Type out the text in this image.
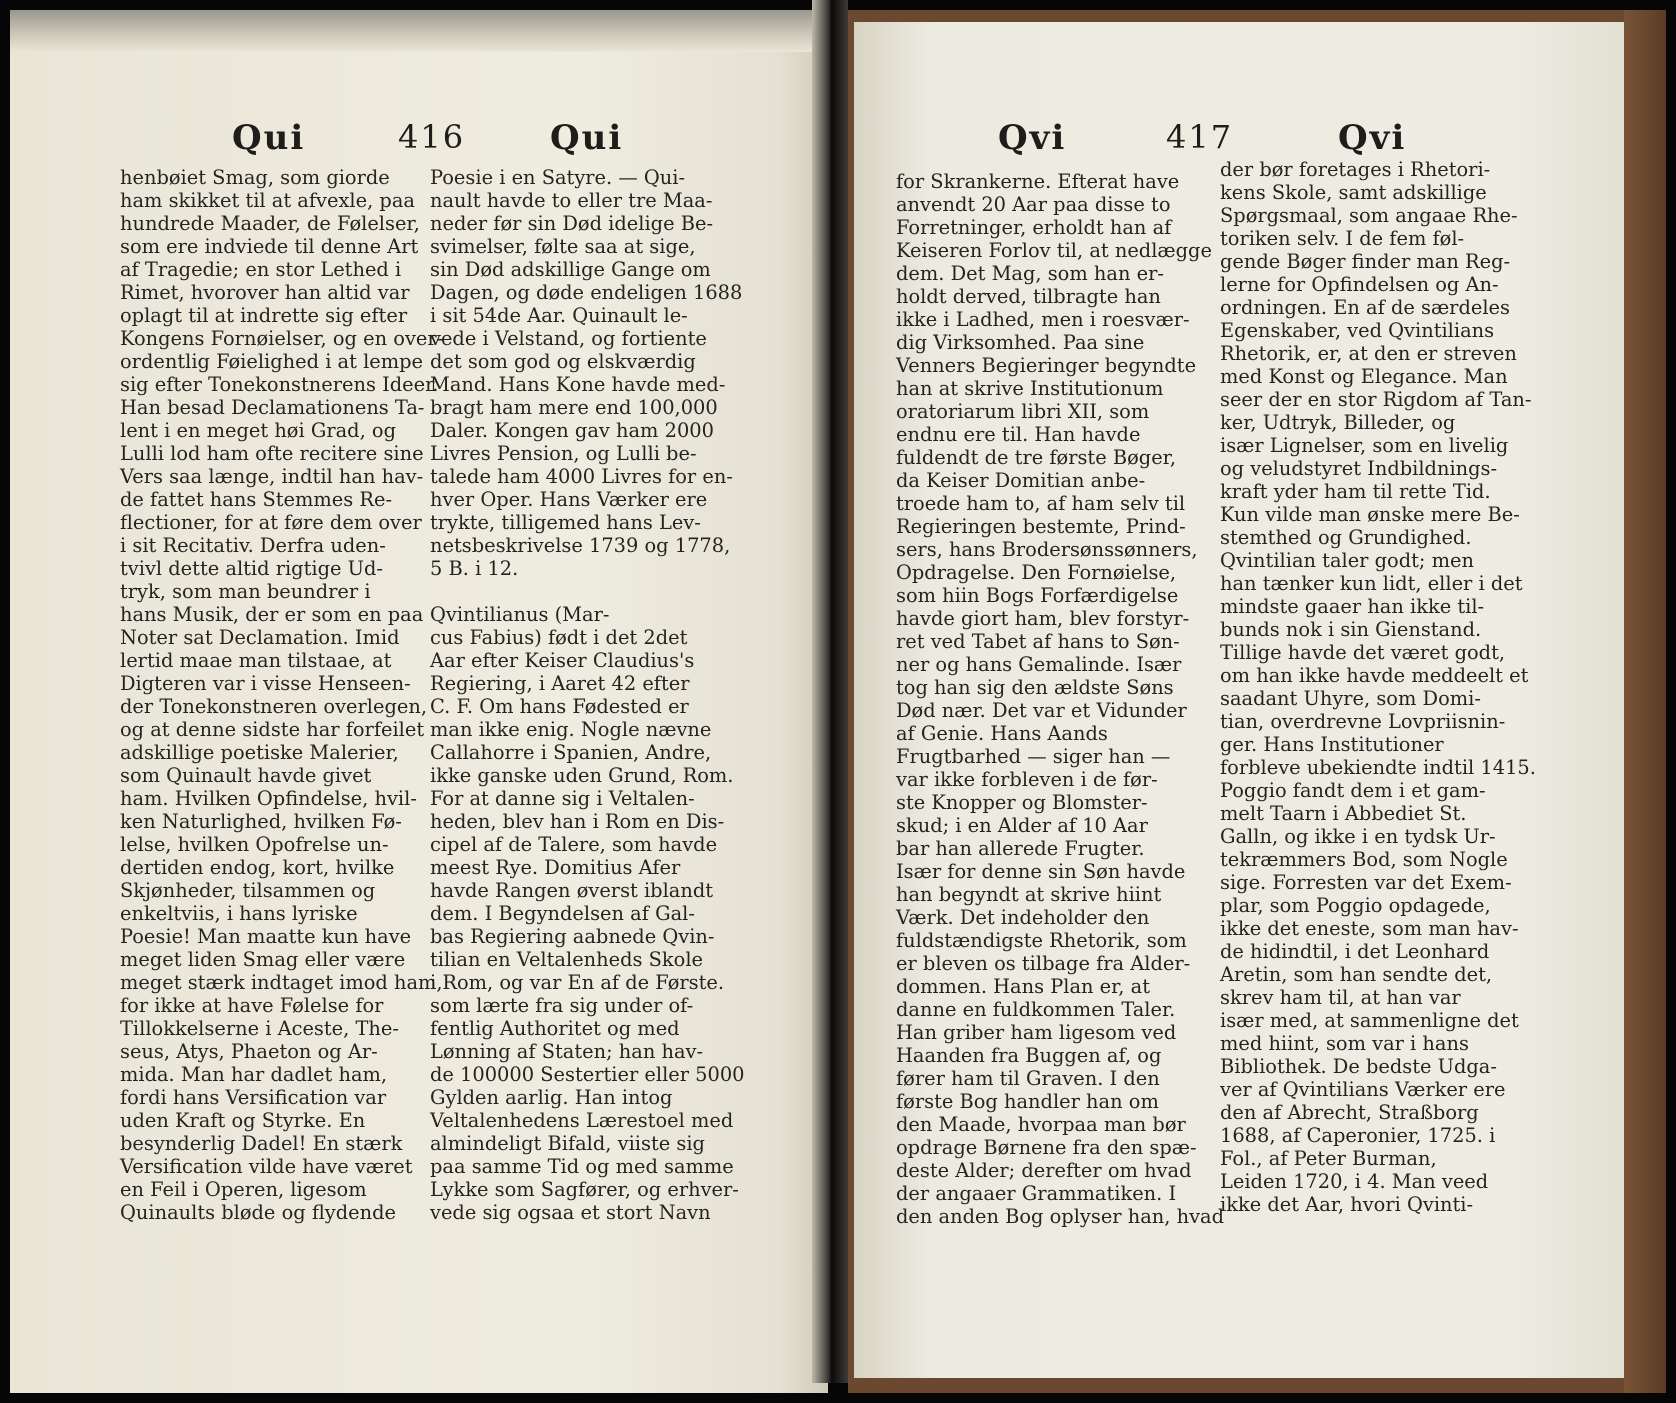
Qui	416 Qui
henbøiet Smag, som giorde
ham skikket til at afvexle, paa
hundrede Maader, de Følelser,
som ere indviede til denne Art
af Tragedie; en stor Lethed i
Rimet, hvorover han altid var
oplagt til at indrette sig efter
Kongens Fornøielser, og en over-
ordentlig Føielighed i at lempe
sig efter Tonekonstnerens Ideer.
Han besad Declamationens Ta-
lent i en meget høi Grad, og
Lulli lod ham ofte recitere sine
Vers saa længe, indtil han hav-
de fattet hans Stemmes Re-
flectioner, for at føre dem over
i sit Recitativ. Derfra uden-
tvivl dette altid rigtige Ud-
tryk, som man beundrer i
hans Musik, der er som en paa
Noter sat Declamation. Imid
lertid maae man tilstaae, at
Digteren var i visse Henseen-
der Tonekonstneren overlegen,
og at denne sidste har forfeilet
adskillige poetiske Malerier,
som Quinault havde givet
ham. Hvilken Opfindelse, hvil-
ken Naturlighed, hvilken Fø-
lelse, hvilken Opofrelse un-
dertiden endog, kort, hvilke
Skjønheder, tilsammen og
enkeltviis, i hans lyriske
Poesie! Man maatte kun have
meget liden Smag eller være
meget stærk indtaget imod ham,
for ikke at have Følelse for
Tillokkelserne i Aceste, The-
seus, Atys, Phaeton og Ar-
mida. Man har dadlet ham,
fordi hans Versification var
uden Kraft og Styrke. En
besynderlig Dadel! En stærk
Versification vilde have været
en Feil i Operen, ligesom
Quinaults bløde og flydende
Poesie i en Satyre. — Qui-
nault havde to eller tre Maa-
neder før sin Død idelige Be-
svimelser, følte saa at sige,
sin Død adskillige Gange om
Dagen, og døde endeligen 1688
i sit 54de Aar. Quinault le-
vede i Velstand, og fortiente
det som god og elskværdig
Mand. Hans Kone havde med-
bragt ham mere end 100,000
Daler. Kongen gav ham 2000
Livres Pension, og Lulli be-
talede ham 4000 Livres for en-
hver Oper. Hans Værker ere
trykte, tilligemed hans Lev-
netsbeskrivelse 1739 og 1778,
5 B. i 12.
Qvintilianus (Mar-
cus Fabius) født i det 2det
Aar efter Keiser Claudius's
Regiering, i Aaret 42 efter
C. F. Om hans Fødested er
man ikke enig. Nogle nævne
Callahorre i Spanien, Andre,
ikke ganske uden Grund, Rom.
For at danne sig i Veltalen-
heden, blev han i Rom en Dis-
cipel af de Talere, som havde
meest Rye. Domitius Afer
havde Rangen øverst iblandt
dem. I Begyndelsen af Gal-
bas Regiering aabnede Qvin-
tilian en Veltalenheds Skole
i Rom, og var En af de Første.
som lærte fra sig under of-
fentlig Authoritet og med
Lønning af Staten; han hav-
de 100000 Sestertier eller 5000
Gylden aarlig. Han intog
Veltalenhedens Lærestoel med
almindeligt Bifald, viiste sig
paa samme Tid og med samme
Lykke som Sagfører, og erhver-
vede sig ogsaa et stort Navn
Qvi	417	Qvi
for Skrankerne. Efterat have
anvendt 20 Aar paa disse to
Forretninger, erholdt han af
Keiseren Forlov til, at nedlægge
dem. Det Mag, som han er-
holdt derved, tilbragte han
ikke i Ladhed, men i roesvær-
dig Virksomhed. Paa sine
Venners Begieringer begyndte
han at skrive Institutionum
oratoriarum libri XII, som
endnu ere til. Han havde
fuldendt de tre første Bøger,
da Keiser Domitian anbe-
troede ham to, af ham selv til
Regieringen bestemte, Prind-
sers, hans Brodersønssønners,
Opdragelse. Den Fornøielse,
som hiin Bogs Forfærdigelse
havde giort ham, blev forstyr-
ret ved Tabet af hans to Søn-
ner og hans Gemalinde. Især
tog han sig den ældste Søns
Død nær. Det var et Vidunder
af Genie. Hans Aands
Frugtbarhed — siger han —
var ikke forbleven i de før-
ste Knopper og Blomster-
skud; i en Alder af 10 Aar
bar han allerede Frugter.
Især for denne sin Søn havde
han begyndt at skrive hiint
Værk. Det indeholder den
fuldstændigste Rhetorik, som
er bleven os tilbage fra Alder-
dommen. Hans Plan er, at
danne en fuldkommen Taler.
Han griber ham ligesom ved
Haanden fra Buggen af, og
fører ham til Graven. I den
første Bog handler han om
den Maade, hvorpaa man bør
opdrage Børnene fra den spæ-
deste Alder; derefter om hvad
der angaaer Grammatiken. I
den anden Bog oplyser han, hvad
der bør foretages i Rhetori-
kens Skole, samt adskillige
Spørgsmaal, som angaae Rhe-
toriken selv. I de fem føl-
gende Bøger finder man Reg-
lerne for Opfindelsen og An-
ordningen. En af de særdeles
Egenskaber, ved Qvintilians
Rhetorik, er, at den er streven
med Konst og Elegance. Man
seer der en stor Rigdom af Tan-
ker, Udtryk, Billeder, og
især Lignelser, som en livelig
og veludstyret Indbildnings-
kraft yder ham til rette Tid.
Kun vilde man ønske mere Be-
stemthed og Grundighed.
Qvintilian taler godt; men
han tænker kun lidt, eller i det
mindste gaaer han ikke til-
bunds nok i sin Gienstand.
Tillige havde det været godt,
om han ikke havde meddeelt et
saadant Uhyre, som Domi-
tian, overdrevne Lovpriisnin-
ger. Hans Institutioner
forbleve ubekiendte indtil 1415.
Poggio fandt dem i et gam-
melt Taarn i Abbediet St.
Galln, og ikke i en tydsk Ur-
tekræmmers Bod, som Nogle
sige. Forresten var det Exem-
plar, som Poggio opdagede,
ikke det eneste, som man hav-
de hidindtil, i det Leonhard
Aretin, som han sendte det,
skrev ham til, at han var
især med, at sammenligne det
med hiint, som var i hans
Bibliothek. De bedste Udga-
ver af Qvintilians Værker ere
den af Abrecht, Straßborg
1688, af Caperonier, 1725. i
Fol., af Peter Burman,
Leiden 1720, i 4. Man veed
ikke det Aar, hvori Qvinti-
